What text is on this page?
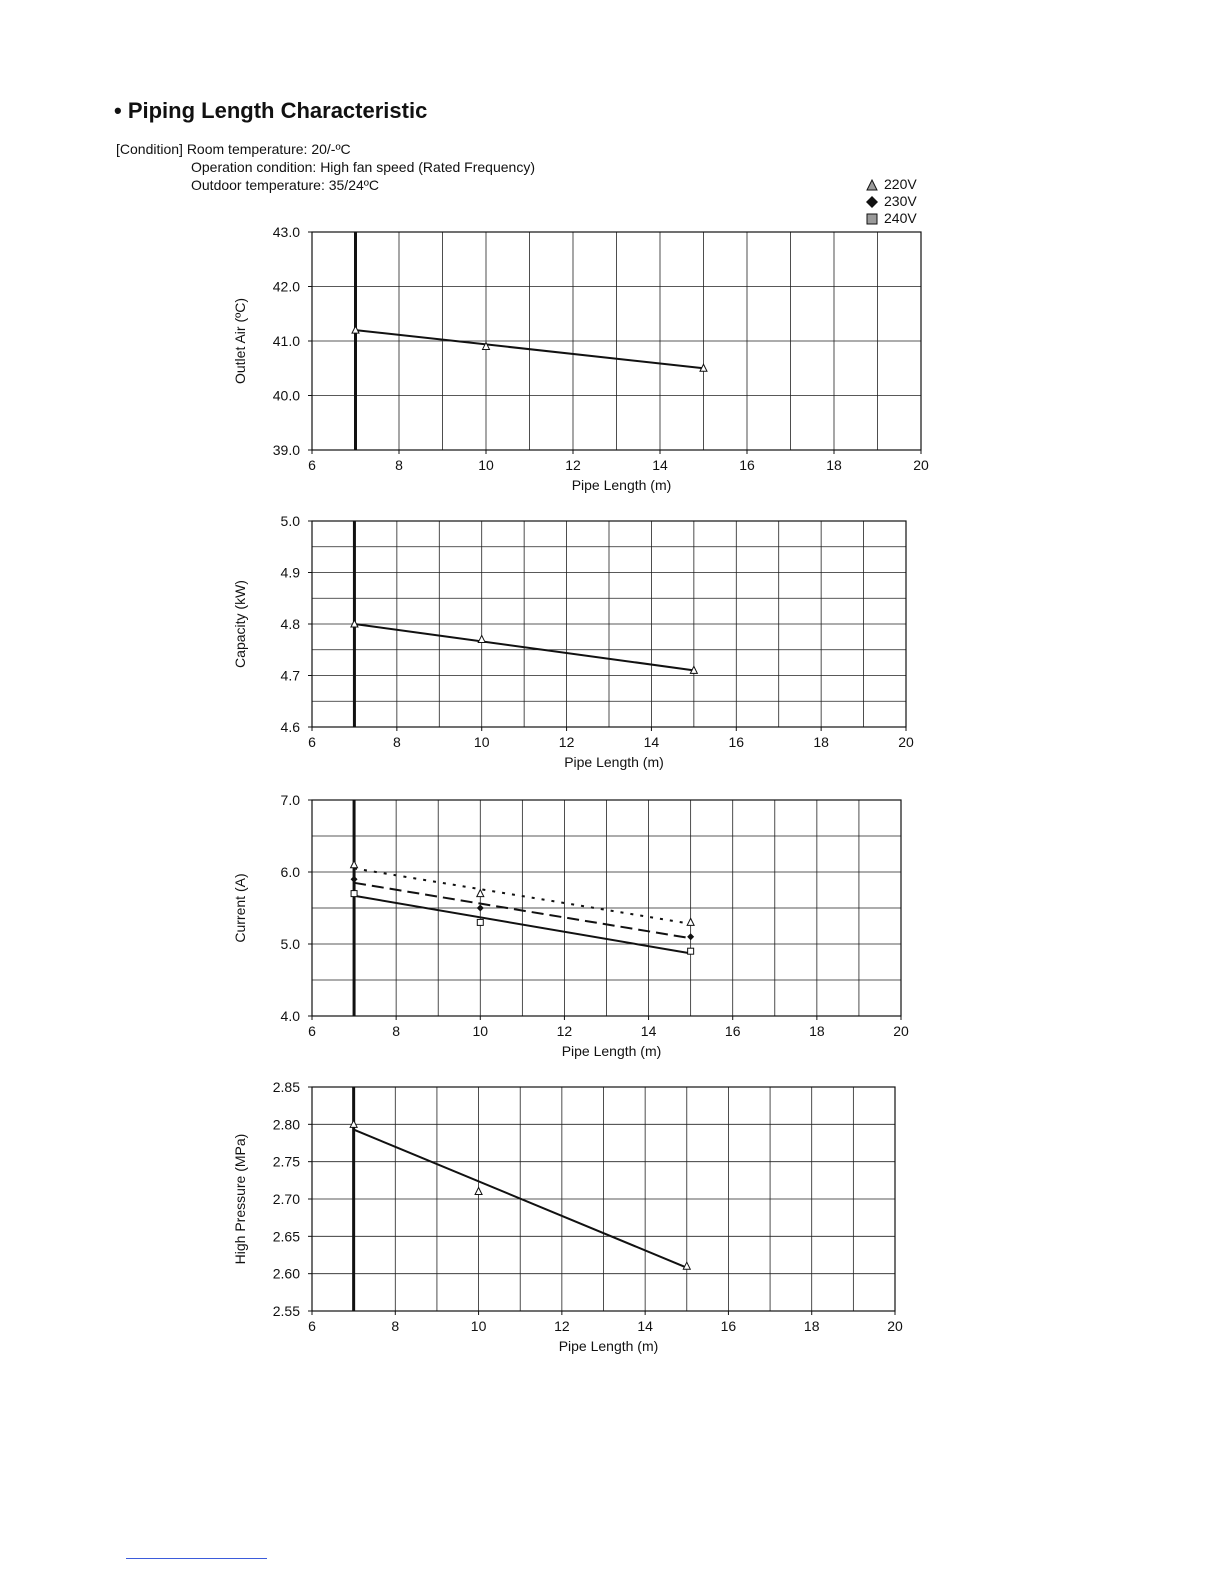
• Piping Length Characteristic
[Condition] Room temperature: 20/-ºC
Operation condition: High fan speed (Rated Frequency)
Outdoor temperature: 35/24ºC	220V
230V
240V
6	8	10	12	14	16	18	20
39.0
40.0
41.0
42.0
43.0
Pipe Length (m)
Outlet Air (ºC)
6	8	10	12	14	16	18	20
4.6
4.7
4.8
4.9
5.0
Pipe Length (m)
Capacity (kW)
6	8	10	12	14	16	18	20
4.0
5.0
6.0
7.0
Pipe Length (m)
Current (A)
6	8	10	12	14	16	18	20
2.55
2.60
2.65
2.70
2.75
2.80
2.85
Pipe Length (m)
High Pressure (MPa)
